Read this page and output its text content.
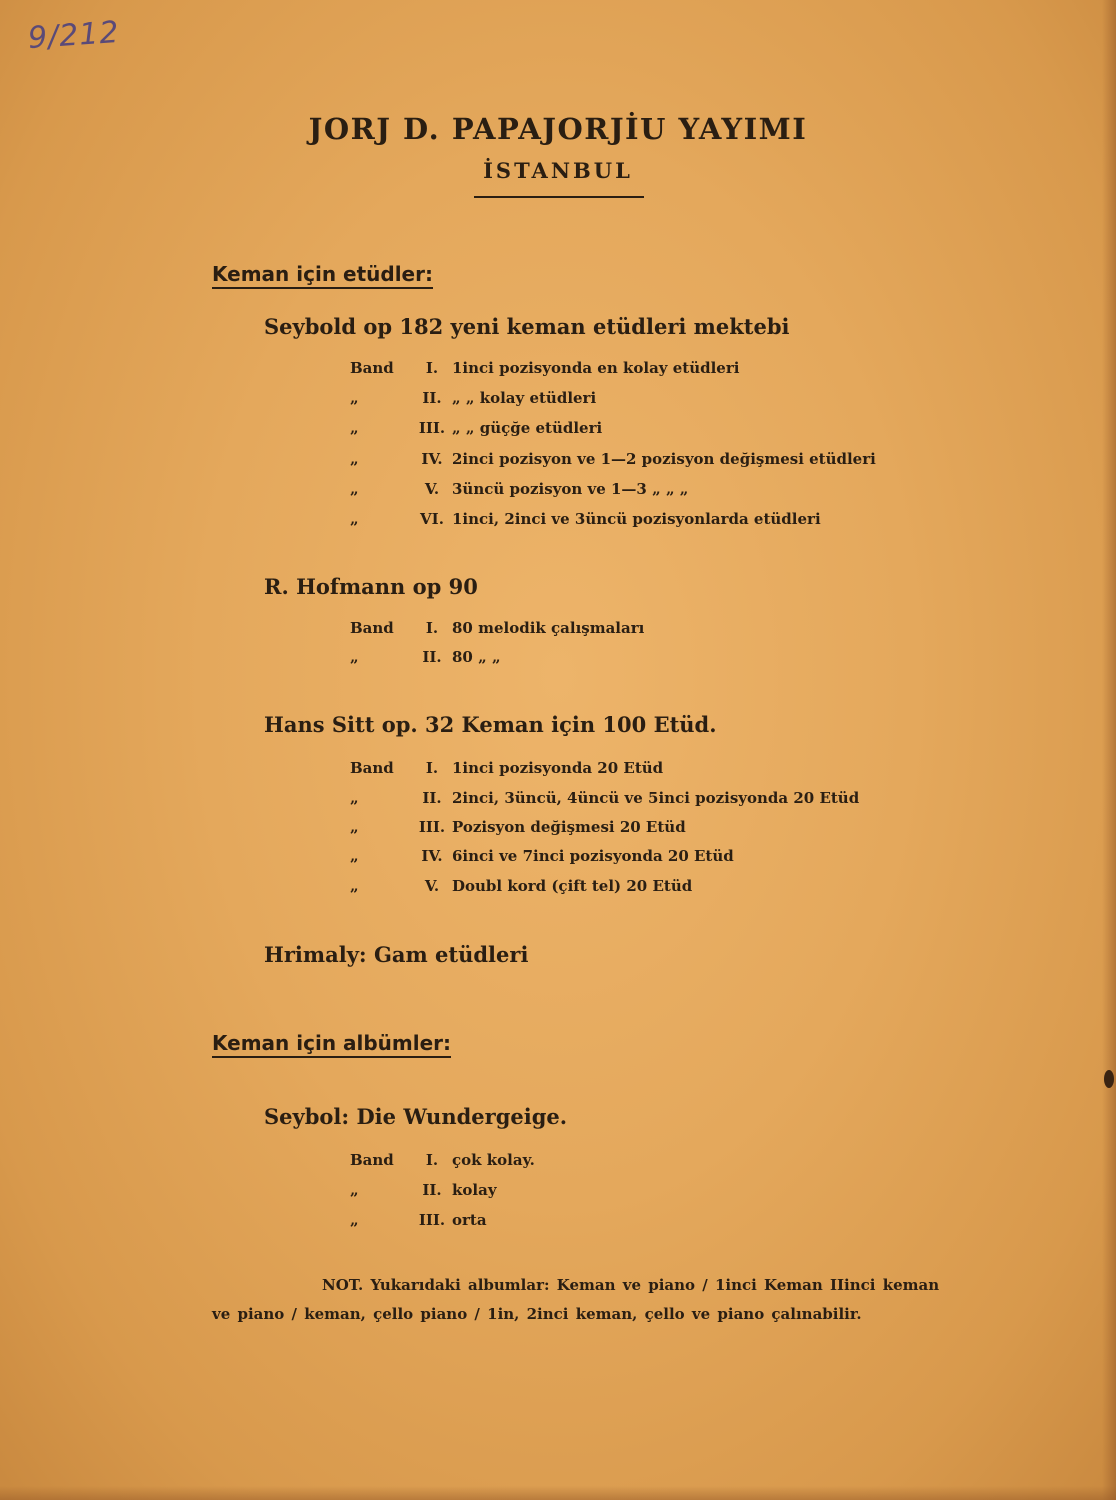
9/212
JORJ D. PAPAJORJİU YAYIMI
İSTANBUL
Keman için etüdler:
Seybold op 182 yeni keman etüdleri mektebi
Band	I. 1inci pozisyonda en kolay etüdleri
„	II. „ „ kolay etüdleri
„	III. „ „ güçğe etüdleri
„	IV. 2inci pozisyon ve 1—2 pozisyon değişmesi etüdleri
„	V. 3üncü pozisyon ve 1—3 „ „ „
„	VI. 1inci, 2inci ve 3üncü pozisyonlarda etüdleri
R. Hofmann op 90
Band	I. 80 melodik çalışmaları
„	II. 80 „ „
Hans Sitt op. 32 Keman için 100 Etüd.
Band	I. 1inci pozisyonda 20 Etüd
„	II. 2inci, 3üncü, 4üncü ve 5inci pozisyonda 20 Etüd
„	III. Pozisyon değişmesi 20 Etüd
„	IV. 6inci ve 7inci pozisyonda 20 Etüd
„	V. Doubl kord (çift tel) 20 Etüd
Hrimaly: Gam etüdleri
Keman için albümler:
Seybol: Die Wundergeige.
Band	I. çok kolay.
„	II. kolay
„	III. orta
NOT. Yukarıdaki albumlar: Keman ve piano / 1inci Keman IIinci keman
ve piano / keman, çello piano / 1in, 2inci keman, çello ve piano çalınabilir.
